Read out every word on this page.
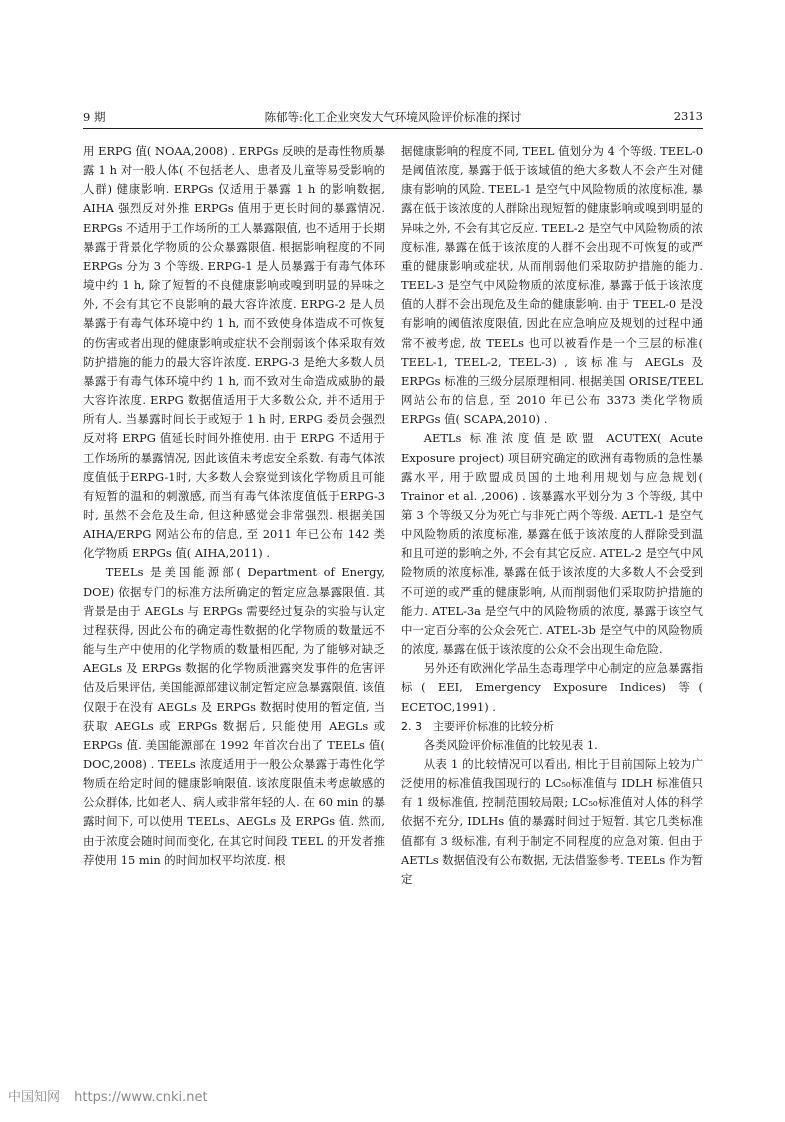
9 期	陈郁等:化工企业突发大气环境风险评价标准的探讨	2313

用 ERPG 值( NOAA,2008) . ERPGs 反映的是毒性物质暴露 1 h 对一般人体( 不包括老人、患者及儿童等易受影响的人群) 健康影响. ERPGs 仅适用于暴露 1 h 的影响数据, AIHA 强烈反对外推 ERPGs 值用于更长时间的暴露情况. ERPGs 不适用于工作场所的工人暴露限值, 也不适用于长期暴露于背景化学物质的公众暴露限值. 根据影响程度的不同 ERPGs 分为 3 个等级. ERPG-1 是人员暴露于有毒气体环境中约 1 h, 除了短暂的不良健康影响或嗅到明显的异味之外, 不会有其它不良影响的最大容许浓度. ERPG-2 是人员暴露于有毒气体环境中约 1 h, 而不致使身体造成不可恢复的伤害或者出现的健康影响或症状不会削弱该个体采取有效防护措施的能力的最大容许浓度. ERPG-3 是绝大多数人员暴露于有毒气体环境中约 1 h, 而不致对生命造成威胁的最大容许浓度. ERPG 数据值适用于大多数公众, 并不适用于所有人. 当暴露时间长于或短于 1 h 时, ERPG 委员会强烈反对将 ERPG 值延长时间外推使用. 由于 ERPG 不适用于工作场所的暴露情况, 因此该值未考虑安全系数. 有毒气体浓度值低于ERPG-1时, 大多数人会察觉到该化学物质且可能有短暂的温和的刺激感, 而当有毒气体浓度值低于ERPG-3时, 虽然不会危及生命, 但这种感觉会非常强烈. 根据美国 AIHA/ERPG 网站公布的信息, 至 2011 年已公布 142 类化学物质 ERPGs 值( AIHA,2011) .

TEELs 是美国能源部( Department of Energy, DOE) 依据专门的标准方法所确定的暂定应急暴露限值. 其背景是由于 AEGLs 与 ERPGs 需要经过复杂的实验与认定过程获得, 因此公布的确定毒性数据的化学物质的数量远不能与生产中使用的化学物质的数量相匹配, 为了能够对缺乏 AEGLs 及 ERPGs 数据的化学物质泄露突发事件的危害评估及后果评估, 美国能源部建议制定暂定应急暴露限值. 该值仅限于在没有 AEGLs 及 ERPGs 数据时使用的暂定值, 当获取 AEGLs 或 ERPGs 数据后, 只能使用 AEGLs 或 ERPGs 值. 美国能源部在 1992 年首次台出了 TEELs 值( DOC,2008) . TEELs 浓度适用于一般公众暴露于毒性化学物质在给定时间的健康影响限值. 该浓度限值未考虑敏感的公众群体, 比如老人、病人或非常年轻的人. 在 60 min 的暴露时间下, 可以使用 TEELs、AEGLs 及 ERPGs 值. 然而, 由于浓度会随时间而变化, 在其它时间段 TEEL 的开发者推荐使用 15 min 的时间加权平均浓度. 根

据健康影响的程度不同, TEEL 值划分为 4 个等级. TEEL-0 是阈值浓度, 暴露于低于该域值的绝大多数人不会产生对健康有影响的风险. TEEL-1 是空气中风险物质的浓度标准, 暴露在低于该浓度的人群除出现短暂的健康影响或嗅到明显的异味之外, 不会有其它反应. TEEL-2 是空气中风险物质的浓度标准, 暴露在低于该浓度的人群不会出现不可恢复的或严重的健康影响或症状, 从而削弱他们采取防护措施的能力. TEEL-3 是空气中风险物质的浓度标准, 暴露于低于该浓度值的人群不会出现危及生命的健康影响. 由于 TEEL-0 是没有影响的阈值浓度限值, 因此在应急响应及规划的过程中通常不被考虑, 故 TEELs 也可以被看作是一个三层的标准( TEEL-1, TEEL-2, TEEL-3) , 该标准与 AEGLs 及 ERPGs 标准的三级分层原理相同. 根据美国 ORISE/TEEL 网站公布的信息, 至 2010 年已公布 3373 类化学物质 ERPGs 值( SCAPA,2010) .

AETLs 标准浓度值是欧盟 ACUTEX( Acute Exposure project) 项目研究确定的欧洲有毒物质的急性暴露水平, 用于欧盟成员国的土地利用规划与应急规划( Trainor et al. ,2006) . 该暴露水平划分为 3 个等级, 其中第 3 个等级又分为死亡与非死亡两个等级. AETL-1 是空气中风险物质的浓度标准, 暴露在低于该浓度的人群除受到温和且可逆的影响之外, 不会有其它反应. ATEL-2 是空气中风险物质的浓度标准, 暴露在低于该浓度的大多数人不会受到不可逆的或严重的健康影响, 从而削弱他们采取防护措施的能力. ATEL-3a 是空气中的风险物质的浓度, 暴露于该空气中一定百分率的公众会死亡. ATEL-3b 是空气中的风险物质的浓度, 暴露在低于该浓度的公众不会出现生命危险.

另外还有欧洲化学品生态毒理学中心制定的应急暴露指标( EEI, Emergency Exposure Indices) 等( ECETOC,1991) .

2. 3　主要评价标准的比较分析

各类风险评价标准值的比较见表 1.

从表 1 的比较情况可以看出, 相比于目前国际上较为广泛使用的标准值我国现行的 LC₅₀标准值与 IDLH 标准值只有 1 级标准值, 控制范围较局限; LC₅₀标准值对人体的科学依据不充分, IDLHs 值的暴露时间过于短暂. 其它几类标准值都有 3 级标准, 有利于制定不同程度的应急对策. 但由于 AETLs 数据值没有公布数据, 无法借鉴参考. TEELs 作为暂定

中国知网 https://www.cnki.net
